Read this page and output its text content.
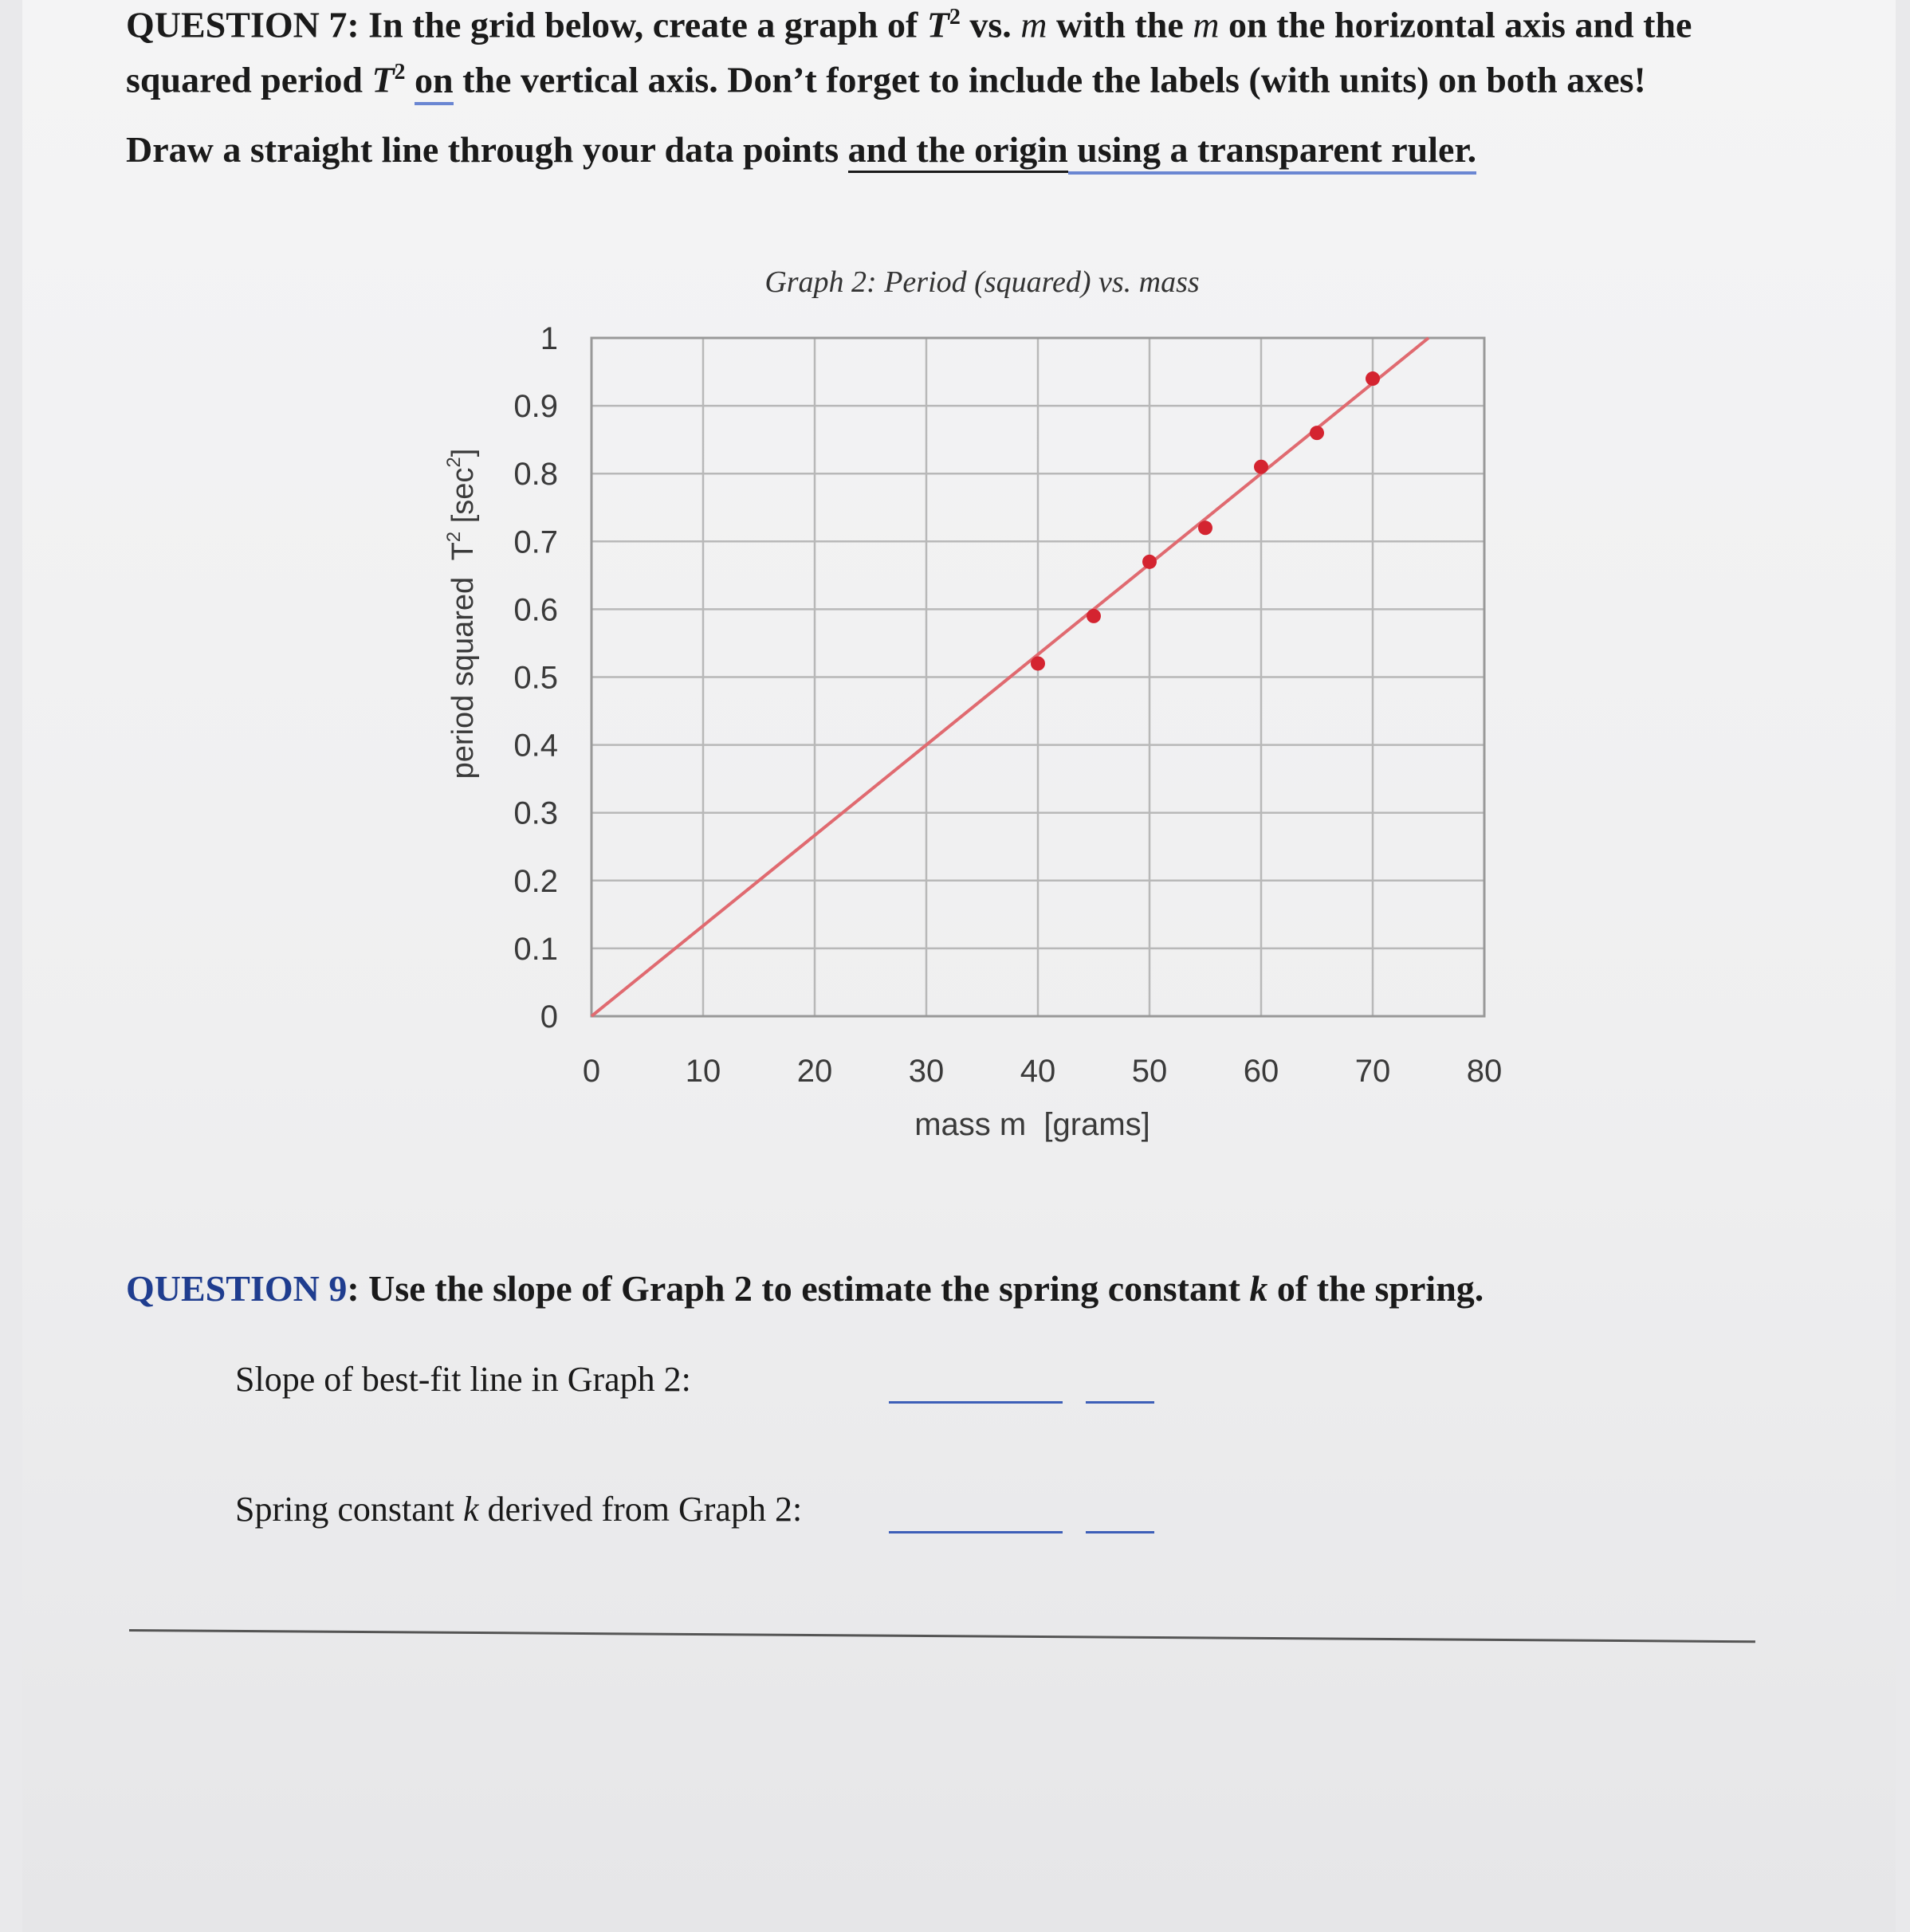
QUESTION 7: In the grid below, create a graph of $T^2$ vs. m with the m on the horizontal axis and the
squared period $T^2$ on the vertical axis. Don’t forget to include the labels (with units) on both axes!
Draw a straight line through your data points and the origin using a transparent ruler.
Graph 2: Period (squared) vs. mass
0
0.1
0.2
0.3
0.4
0.5
0.6
0.7
0.8
0.9
1
0	10 20 30 40 50 60 70 80
mass m  [grams]
period squared  $T^2$ $[\sec^2]$
QUESTION 9: Use the slope of Graph 2 to estimate the spring constant k of the spring.
Slope of best-fit line in Graph 2:
Spring constant k derived from Graph 2:
